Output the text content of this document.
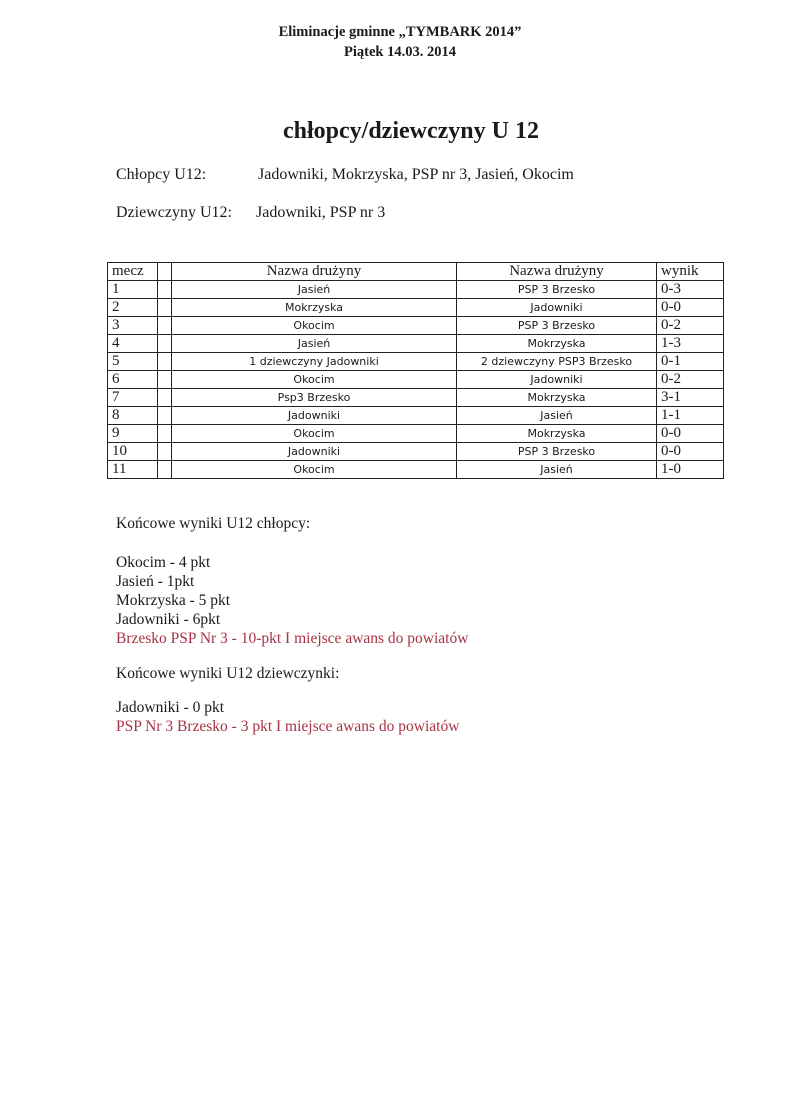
Eliminacje gminne „TYMBARK 2014”
Piątek 14.03. 2014
chłopcy/dziewczyny U 12
Chłopcy U12:	Jadowniki, Mokrzyska, PSP nr 3, Jasień, Okocim
Dziewczyny U12: Jadowniki, PSP nr 3
mecz		Nazwa drużyny	Nazwa drużyny	wynik
1		Jasień	PSP 3 Brzesko	0-3
2		Mokrzyska	Jadowniki	0-0
3		Okocim	PSP 3 Brzesko	0-2
4		Jasień	Mokrzyska	1-3
5		1 dziewczyny Jadowniki	2 dziewczyny PSP3 Brzesko	0-1
6		Okocim	Jadowniki	0-2
7		Psp3 Brzesko	Mokrzyska	3-1
8		Jadowniki	Jasień	1-1
9		Okocim	Mokrzyska	0-0
10		Jadowniki	PSP 3 Brzesko	0-0
11		Okocim	Jasień	1-0
Końcowe wyniki U12 chłopcy:
Okocim - 4 pkt
Jasień - 1pkt
Mokrzyska - 5 pkt
Jadowniki - 6pkt
Brzesko PSP Nr 3 - 10-pkt I miejsce awans do powiatów
Końcowe wyniki U12 dziewczynki:
Jadowniki - 0 pkt
PSP Nr 3 Brzesko - 3 pkt I miejsce awans do powiatów
